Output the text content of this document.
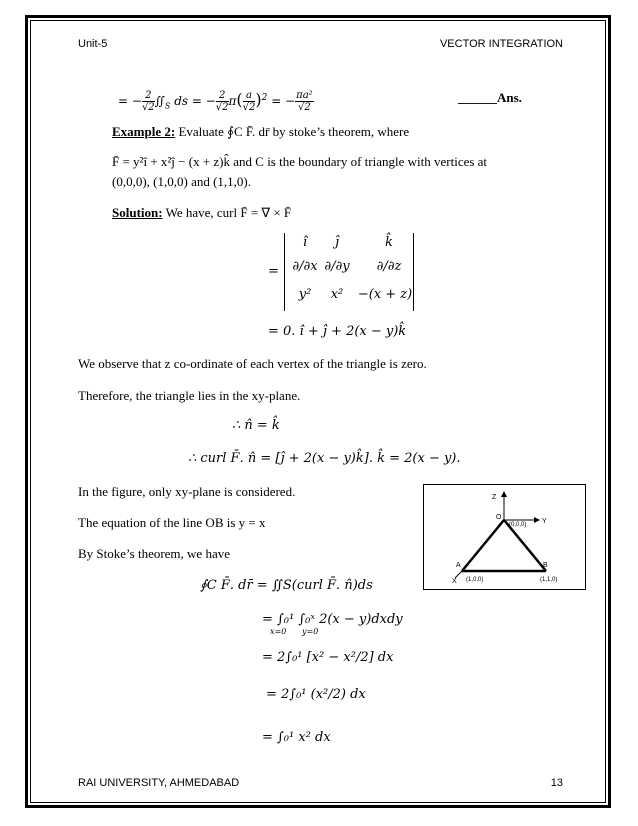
Unit-5	VECTOR INTEGRATION
= − $\frac{2}{√2}$ $∬_S$ ds = − $\frac{2}{√2} \pi( \frac{a}{√2} )^2$ = − $\frac{\text{πa²}}{√2}$	______Ans.
Example 2: Evaluate ∮C F̄. dr̄ by stoke’s theorem, where
F̄ = y²î + x²ĵ − (x + z)k̂ and C is the boundary of triangle with vertices at
(0,0,0), (1,0,0) and (1,1,0).
Solution: We have, curl F̄ = ∇ × F̄
=
î	ĵ	k̂
∂/∂x ∂/∂y	∂/∂z
y²	x²	−(x + z)
= 0. î + ĵ + 2(x − y)k̂
We observe that z co-ordinate of each vertex of the triangle is zero.
Therefore, the triangle lies in the xy-plane.
∴ n̂ = k̂
∴ curl F̄. n̂ = [ĵ + 2(x − y)k̂]. k̂ = 2(x − y).
In the figure, only xy-plane is considered.
The equation of the line OB is y = x
By Stoke’s theorem, we have
∮C F̄. dr̄ = ∬S(curl F̄. n̂)ds
= ∫₀¹ ∫₀ˣ 2(x − y)dxdy
x=0 y=0
= 2∫₀¹ [x² − x²/2] dx
= 2∫₀¹ (x²/2) dx
= ∫₀¹ x² dx
Z
Y
O
(0,0,0)
A
(1,0,0)
X
B
(1,1,0)
RAI UNIVERSITY, AHMEDABAD	13
